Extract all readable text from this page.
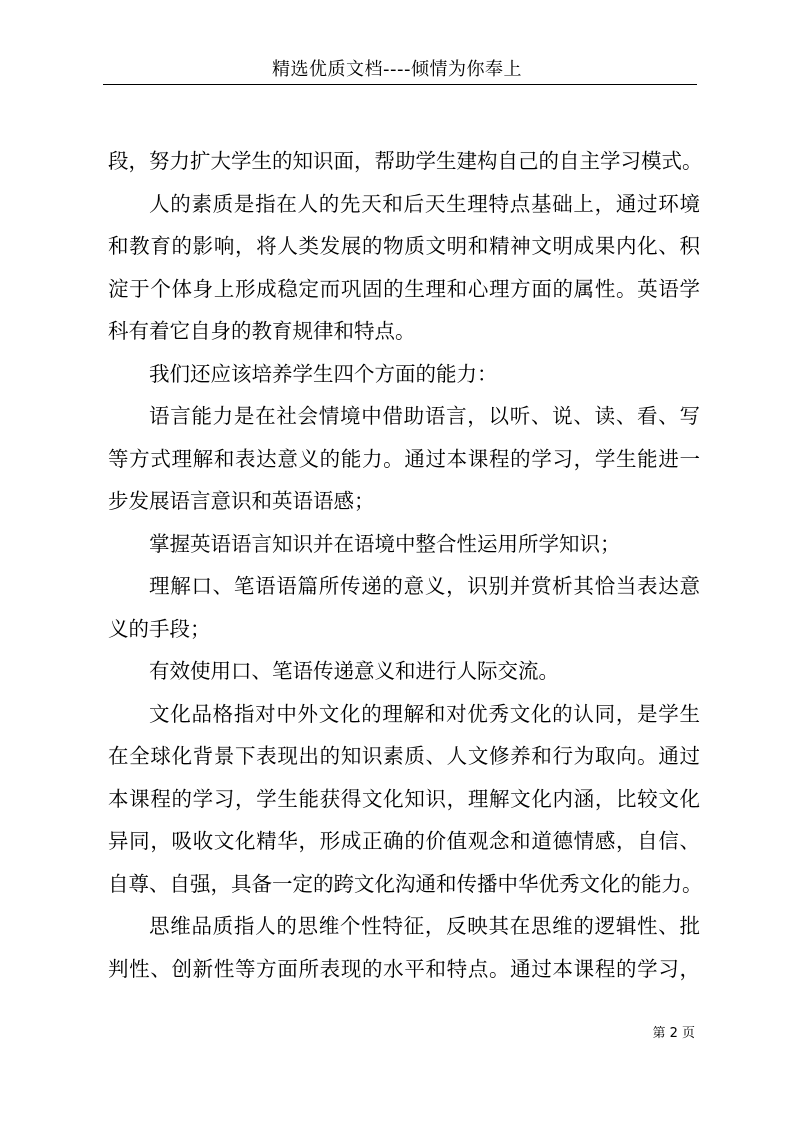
精选优质文档----倾情为你奉上
段，努力扩大学生的知识面，帮助学生建构自己的自主学习模式。
人的素质是指在人的先天和后天生理特点基础上，通过环境
和教育的影响，将人类发展的物质文明和精神文明成果内化、积
淀于个体身上形成稳定而巩固的生理和心理方面的属性。英语学
科有着它自身的教育规律和特点。
我们还应该培养学生四个方面的能力：
语言能力是在社会情境中借助语言，以听、说、读、看、写
等方式理解和表达意义的能力。通过本课程的学习，学生能进一
步发展语言意识和英语语感；
掌握英语语言知识并在语境中整合性运用所学知识；
理解口、笔语语篇所传递的意义，识别并赏析其恰当表达意
义的手段；
有效使用口、笔语传递意义和进行人际交流。
文化品格指对中外文化的理解和对优秀文化的认同，是学生
在全球化背景下表现出的知识素质、人文修养和行为取向。通过
本课程的学习，学生能获得文化知识，理解文化内涵，比较文化
异同，吸收文化精华，形成正确的价值观念和道德情感，自信、
自尊、自强，具备一定的跨文化沟通和传播中华优秀文化的能力。
思维品质指人的思维个性特征，反映其在思维的逻辑性、批
判性、创新性等方面所表现的水平和特点。通过本课程的学习，
第 2 页
